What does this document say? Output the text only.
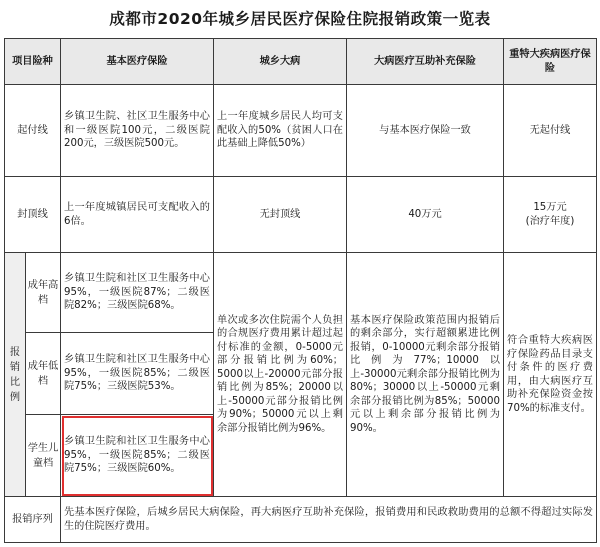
成都市2020年城乡居民医疗保险住院报销政策一览表
项目险种		基本医疗保险	城乡大病	大病医疗互助补充保险	重特大疾病医疗保险
起付线		乡镇卫生院、社区卫生服务中心和一级医院100元，二级医院200元，三级医院500元。	上一年度城乡居民人均可支配收入的50%（贫困人口在此基础上降低50%）	与基本医疗保险一致	无起付线
封顶线		上一年度城镇居民可支配收入的6倍。	无封顶线	40万元	15万元
(治疗年度)

报销比例	成年高档	乡镇卫生院和社区卫生服务中心95%，一级医院87%；二级医院82%；三级医院68%。	单次或多次住院需个人负担的合规医疗费用累计超过起付标准的金额，0-5000元部分报销比例为60%；5000以上-20000元部分报销比例为85%；20000以上-50000元部分报销比例为90%；50000元以上剩余部分报销比例为96%。	基本医疗保险政策范围内报销后的剩余部分，实行超额累进比例报销，0-10000元剩余部分报销比例为77%；10000以上-30000元剩余部分报销比例为80%；30000以上-50000元剩余部分报销比例为85%；50000元以上剩余部分报销比例为90%。	符合重特大疾病医疗保险药品目录支付条件的医疗费用，由大病医疗互助补充保险资金按70%的标准支付。
	成年低档	乡镇卫生院和社区卫生服务中心95%，一级医院85%；二级医院75%；三级医院53%。			
	学生儿童档	乡镇卫生院和社区卫生服务中心95%，一级医院85%；二级医院75%；三级医院60%。			
报销序列		先基本医疗保险，后城乡居民大病保险，再大病医疗互助补充保险，报销费用和民政救助费用的总额不得超过实际发生的住院医疗费用。			
